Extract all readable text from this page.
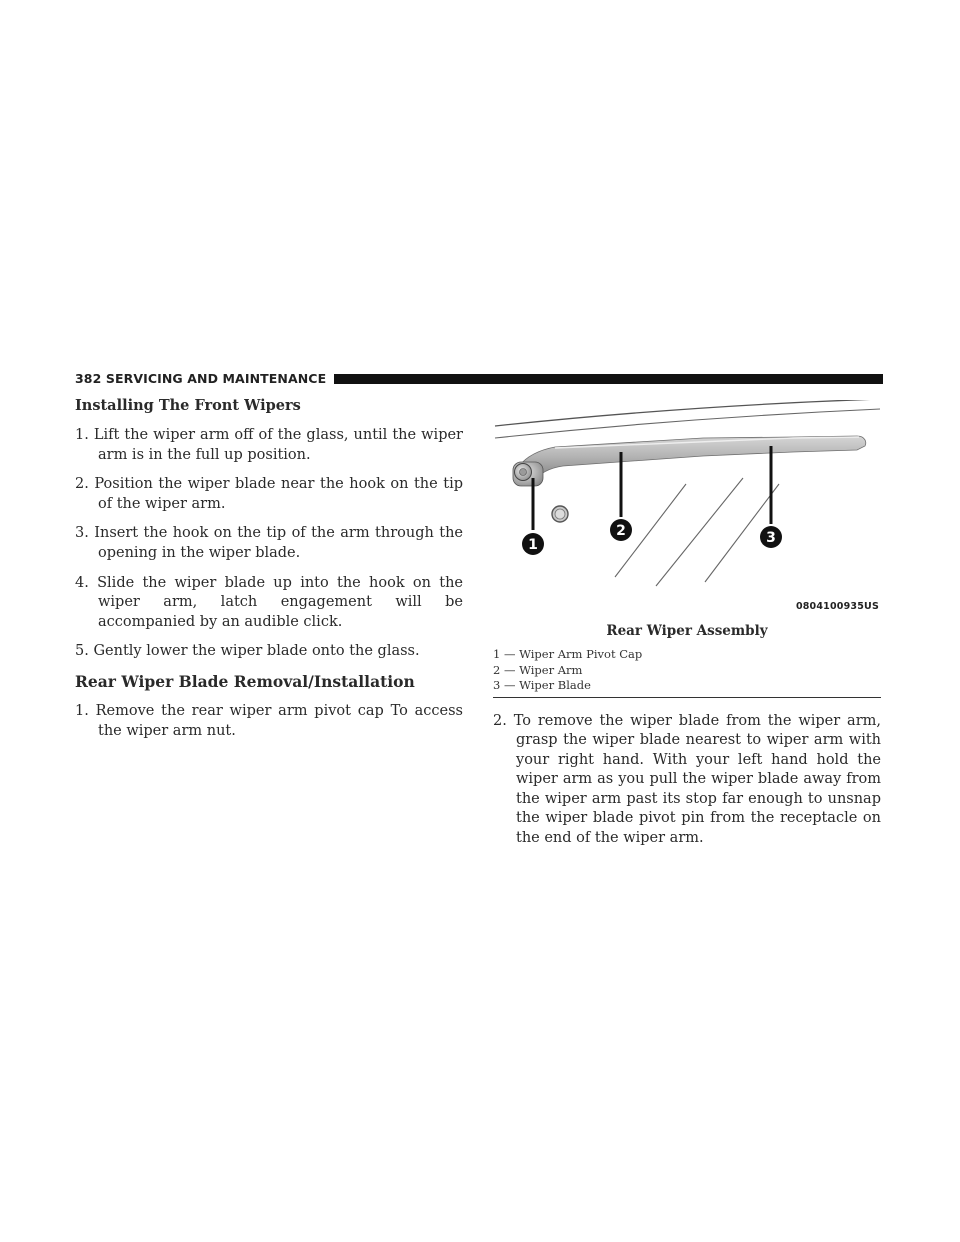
382 SERVICING AND MAINTENANCE
Installing The Front Wipers
1. Lift the wiper arm off of the glass, until the wiper arm is in the full up position.
2. Position the wiper blade near the hook on the tip of the wiper arm.
3. Insert the hook on the tip of the arm through the opening in the wiper blade.
4. Slide the wiper blade up into the hook on the wiper arm, latch engagement will be accompanied by an audible click.
5. Gently lower the wiper blade onto the glass.
Rear Wiper Blade Removal/Installation
1. Remove the rear wiper arm pivot cap To access the wiper arm nut.
1
2	3
0804100935US
Rear Wiper Assembly
1 — Wiper Arm Pivot Cap
2 — Wiper Arm
3 — Wiper Blade
2. To remove the wiper blade from the wiper arm, grasp the wiper blade nearest to wiper arm with your right hand. With your left hand hold the wiper arm as you pull the wiper blade away from the wiper arm past its stop far enough to unsnap the wiper blade pivot pin from the receptacle on the end of the wiper arm.
